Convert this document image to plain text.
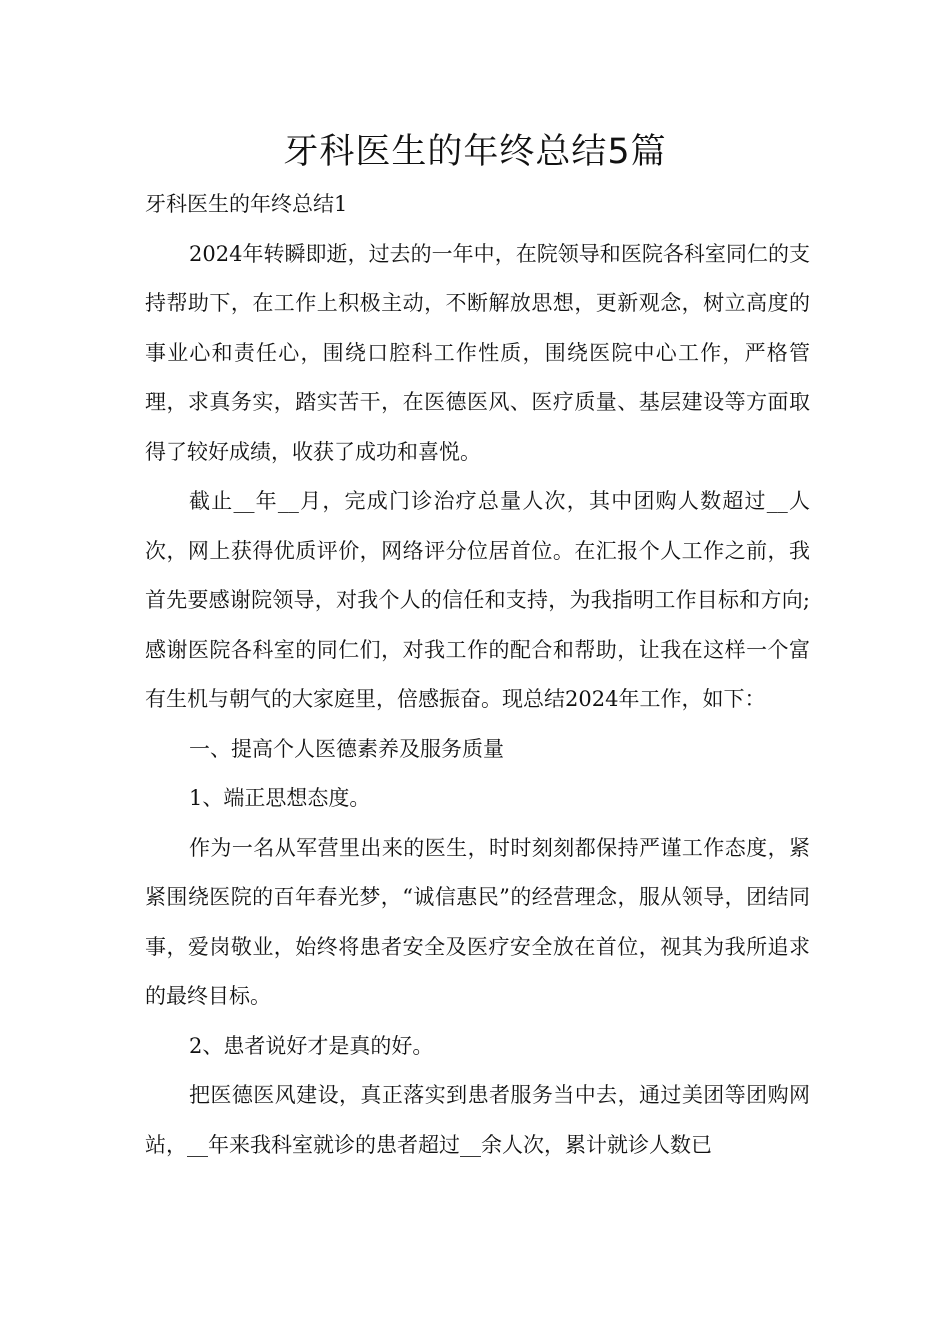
牙科医生的年终总结5篇

牙科医生的年终总结1

2024年转瞬即逝，过去的一年中，在院领导和医院各科室同仁的支持帮助下，在工作上积极主动，不断解放思想，更新观念，树立高度的事业心和责任心，围绕口腔科工作性质，围绕医院中心工作，严格管理，求真务实，踏实苦干，在医德医风、医疗质量、基层建设等方面取得了较好成绩，收获了成功和喜悦。

截止__年__月，完成门诊治疗总量人次，其中团购人数超过__人次，网上获得优质评价，网络评分位居首位。在汇报个人工作之前，我首先要感谢院领导，对我个人的信任和支持，为我指明工作目标和方向;感谢医院各科室的同仁们，对我工作的配合和帮助，让我在这样一个富有生机与朝气的大家庭里，倍感振奋。现总结2024年工作，如下：

一、提高个人医德素养及服务质量

1、端正思想态度。

作为一名从军营里出来的医生，时时刻刻都保持严谨工作态度，紧紧围绕医院的百年春光梦，“诚信惠民”的经营理念，服从领导，团结同事，爱岗敬业，始终将患者安全及医疗安全放在首位，视其为我所追求的最终目标。

2、患者说好才是真的好。

把医德医风建设，真正落实到患者服务当中去，通过美团等团购网站，__年来我科室就诊的患者超过__余人次，累计就诊人数已
